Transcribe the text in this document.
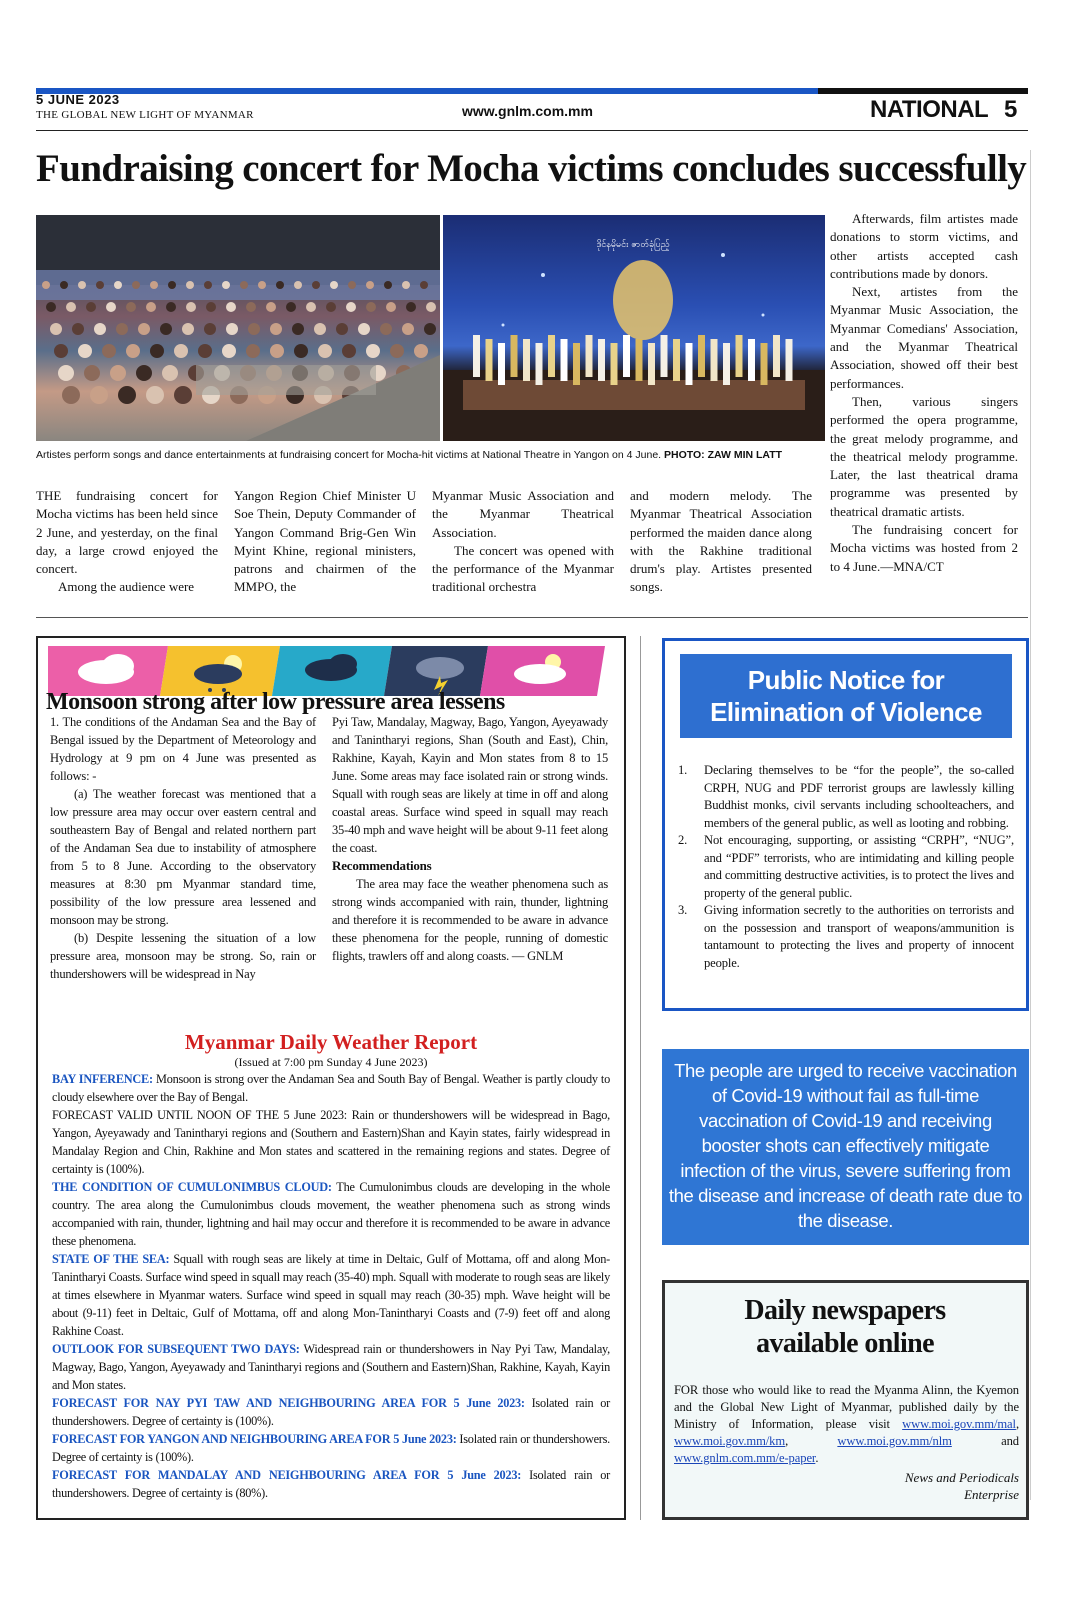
5 JUNE 2023
THE GLOBAL NEW LIGHT OF MYANMAR	www.gnlm.com.mm	NATIONAL 5
Fundraising concert for Mocha victims concludes successfully
ဒိုင်နမိုမင်း ဇာတ်ခုံပြည့်
Artistes perform songs and dance entertainments at fundraising concert for Mocha-hit victims at National Theatre in Yangon on 4 June. PHOTO: ZAW MIN LATT

THE fundraising concert for Mocha victims has been held since 2 June, and yesterday, on the final day, a large crowd enjoyed the concert.

Among the audience were

Yangon Region Chief Minister U Soe Thein, Deputy Commander of Yangon Command Brig-Gen Win Myint Khine, regional ministers, patrons and chairmen of the MMPO, the

Myanmar Music Association and the Myanmar Theatrical Association.

The concert was opened with the performance of the Myanmar traditional orchestra

and modern melody. The Myanmar Theatrical Association performed the maiden dance along with the Rakhine traditional drum's play. Artistes presented songs.

Afterwards, film artistes made donations to storm victims, and other artists accepted cash contributions made by donors.

Next, artistes from the Myanmar Music Association, the Myanmar Comedians' Association, and the Myanmar Theatrical Association, showed off their best performances.

Then, various singers performed the opera programme, the great melody programme, and the theatrical melody programme. Later, the last theatrical drama programme was presented by theatrical dramatic artists.

The fundraising concert for Mocha victims was hosted from 2 to 4 June.—MNA/CT

Monsoon strong after low pressure area lessens

1. The conditions of the Andaman Sea and the Bay of Bengal issued by the Department of Meteorology and Hydrology at 9 pm on 4 June was presented as follows: -

(a) The weather forecast was mentioned that a low pressure area may occur over eastern central and southeastern Bay of Bengal and related northern part of the Andaman Sea due to instability of atmosphere from 5 to 8 June. According to the observatory measures at 8:30 pm Myanmar standard time, possibility of the low pressure area lessened and monsoon may be strong.

(b) Despite lessening the situation of a low pressure area, monsoon may be strong. So, rain or thundershowers will be widespread in Nay

Pyi Taw, Mandalay, Magway, Bago, Yangon, Ayeyawady and Tanintharyi regions, Shan (South and East), Chin, Rakhine, Kayah, Kayin and Mon states from 8 to 15 June. Some areas may face isolated rain or strong winds. Squall with rough seas are likely at time in off and along coastal areas. Surface wind speed in squall may reach 35-40 mph and wave height will be about 9-11 feet along the coast.

Recommendations

The area may face the weather phenomena such as strong winds accompanied with rain, thunder, lightning and therefore it is recommended to be aware in advance these phenomena for the people, running of domestic flights, trawlers off and along coasts. — GNLM

Myanmar Daily Weather Report
(Issued at 7:00 pm Sunday 4 June 2023)

BAY INFERENCE: Monsoon is strong over the Andaman Sea and South Bay of Bengal. Weather is partly cloudy to cloudy elsewhere over the Bay of Bengal.

FORECAST VALID UNTIL NOON OF THE 5 June 2023: Rain or thundershowers will be widespread in Bago, Yangon, Ayeyawady and Tanintharyi regions and (Southern and Eastern)Shan and Kayin states, fairly widespread in Mandalay Region and Chin, Rakhine and Mon states and scattered in the remaining regions and states. Degree of certainty is (100%).

THE CONDITION OF CUMULONIMBUS CLOUD: The Cumulonimbus clouds are developing in the whole country. The area along the Cumulonimbus clouds movement, the weather phenomena such as strong winds accompanied with rain, thunder, lightning and hail may occur and therefore it is recommended to be aware in advance these phenomena.

STATE OF THE SEA: Squall with rough seas are likely at time in Deltaic, Gulf of Mottama, off and along Mon-Tanintharyi Coasts. Surface wind speed in squall may reach (35-40) mph. Squall with moderate to rough seas are likely at times elsewhere in Myanmar waters. Surface wind speed in squall may reach (30-35) mph. Wave height will be about (9-11) feet in Deltaic, Gulf of Mottama, off and along Mon-Tanintharyi Coasts and (7-9) feet off and along Rakhine Coast.

OUTLOOK FOR SUBSEQUENT TWO DAYS: Widespread rain or thundershowers in Nay Pyi Taw, Mandalay, Magway, Bago, Yangon, Ayeyawady and Tanintharyi regions and (Southern and Eastern)Shan, Rakhine, Kayah, Kayin and Mon states.

FORECAST FOR NAY PYI TAW AND NEIGHBOURING AREA FOR 5 June 2023: Isolated rain or thundershowers. Degree of certainty is (100%).

FORECAST FOR YANGON AND NEIGHBOURING AREA FOR 5 June 2023: Isolated rain or thundershowers. Degree of certainty is (100%).

FORECAST FOR MANDALAY AND NEIGHBOURING AREA FOR 5 June 2023: Isolated rain or thundershowers. Degree of certainty is (80%).

Public Notice for
Elimination of Violence
1. Declaring themselves to be “for the people”, the so-called CRPH, NUG and PDF terrorist groups are lawlessly killing Buddhist monks, civil servants including schoolteachers, and members of the general public, as well as looting and robbing.
2. Not encouraging, supporting, or assisting “CRPH”, “NUG”, and “PDF” terrorists, who are intimidating and killing people and committing destructive activities, is to protect the lives and property of the general public.
3. Giving information secretly to the authorities on terrorists and on the possession and transport of weapons/ammunition is tantamount to protecting the lives and property of innocent people.
The people are urged to receive vaccination of Covid-19 without fail as full-time vaccination of Covid-19 and receiving booster shots can effectively mitigate infection of the virus, severe suffering from the disease and increase of death rate due to the disease.
Daily newspapers
available online
FOR those who would like to read the Myanma Alinn, the Kyemon and the Global New Light of Myanmar, published daily by the Ministry of Information, please visit www.moi.gov.mm/mal, www.moi.gov.mm/km, www.moi.gov.mm/nlm	and www.gnlm.com.mm/e-paper.
News and Periodicals
Enterprise
